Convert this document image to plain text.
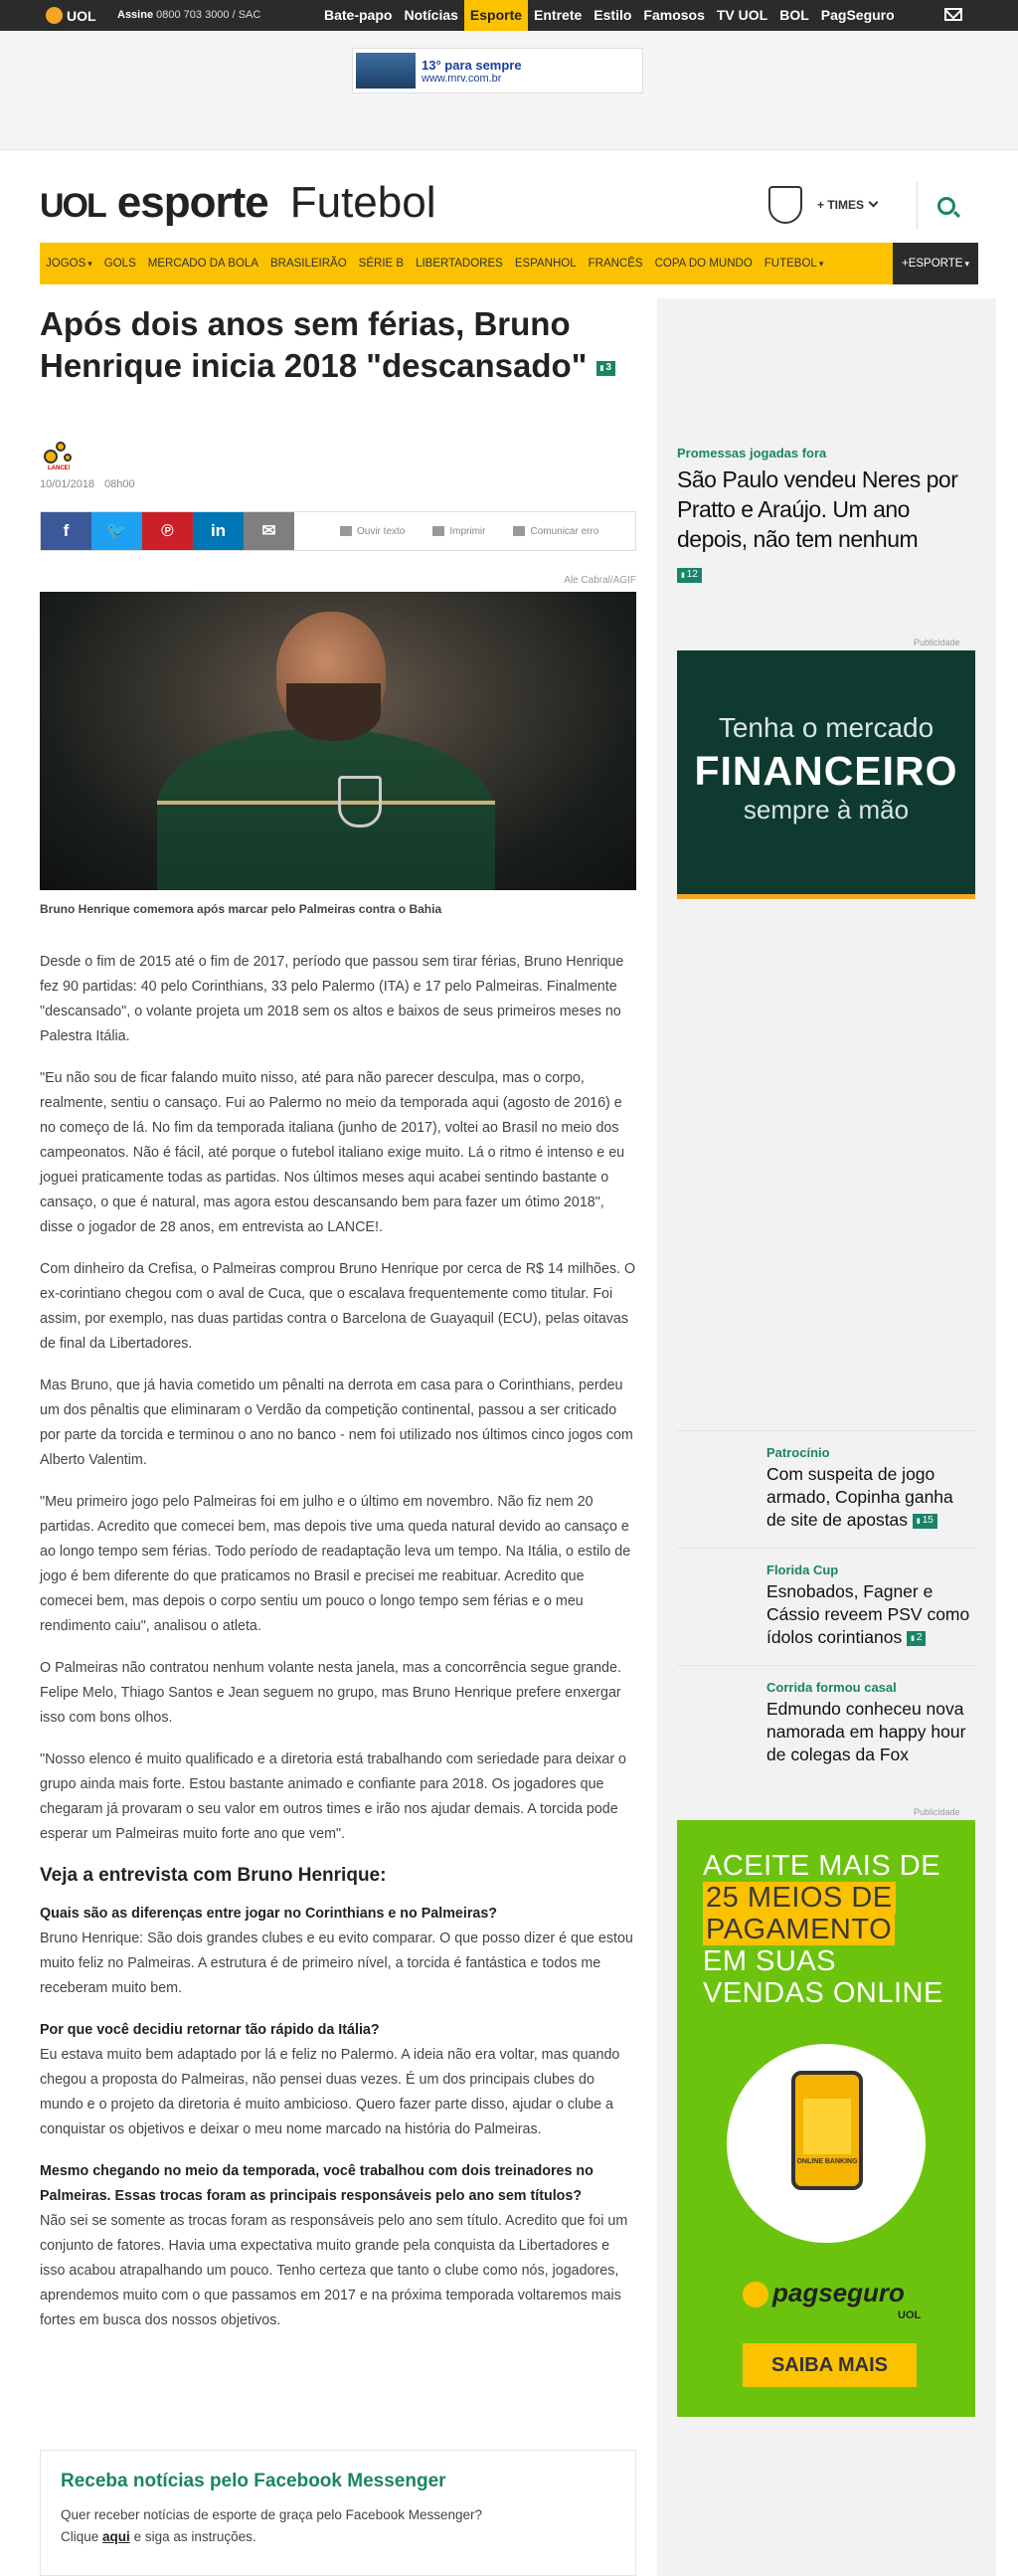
UOL Assine 0800 703 3000 / SAC	Bate-papo Notícias Esporte Entrete Estilo Famosos TV UOL BOL PagSeguro
13° para sempre
www.mrv.com.br
UOL esporte Futebol	+ TIMES
JOGOS ▾	GOLS	MERCADO DA BOLA	BRASILEIRÃO	SÉRIE B	LIBERTADORES	ESPANHOL	FRANCÊS	COPA DO MUNDO	FUTEBOL ▾	+ESPORTE ▾
Após dois anos sem férias, Bruno Henrique inicia 2018 "descansado" ▮ 3
LANCE!
10/01/2018 08h00
f 🐦 ℗ in ✉	Ouvir texto	Imprimir	Comunicar erro
Ale Cabral/AGIF
Bruno Henrique comemora após marcar pelo Palmeiras contra o Bahia

Desde o fim de 2015 até o fim de 2017, período que passou sem tirar férias, Bruno Henrique fez 90 partidas: 40 pelo Corinthians, 33 pelo Palermo (ITA) e 17 pelo Palmeiras. Finalmente "descansado", o volante projeta um 2018 sem os altos e baixos de seus primeiros meses no Palestra Itália.

"Eu não sou de ficar falando muito nisso, até para não parecer desculpa, mas o corpo, realmente, sentiu o cansaço. Fui ao Palermo no meio da temporada aqui (agosto de 2016) e no começo de lá. No fim da temporada italiana (junho de 2017), voltei ao Brasil no meio dos campeonatos. Não é fácil, até porque o futebol italiano exige muito. Lá o ritmo é intenso e eu joguei praticamente todas as partidas. Nos últimos meses aqui acabei sentindo bastante o cansaço, o que é natural, mas agora estou descansando bem para fazer um ótimo 2018", disse o jogador de 28 anos, em entrevista ao LANCE!.

Com dinheiro da Crefisa, o Palmeiras comprou Bruno Henrique por cerca de R$ 14 milhões. O ex-corintiano chegou com o aval de Cuca, que o escalava frequentemente como titular. Foi assim, por exemplo, nas duas partidas contra o Barcelona de Guayaquil (ECU), pelas oitavas de final da Libertadores.

Mas Bruno, que já havia cometido um pênalti na derrota em casa para o Corinthians, perdeu um dos pênaltis que eliminaram o Verdão da competição continental, passou a ser criticado por parte da torcida e terminou o ano no banco - nem foi utilizado nos últimos cinco jogos com Alberto Valentim.

"Meu primeiro jogo pelo Palmeiras foi em julho e o último em novembro. Não fiz nem 20 partidas. Acredito que comecei bem, mas depois tive uma queda natural devido ao cansaço e ao longo tempo sem férias. Todo período de readaptação leva um tempo. Na Itália, o estilo de jogo é bem diferente do que praticamos no Brasil e precisei me reabituar. Acredito que comecei bem, mas depois o corpo sentiu um pouco o longo tempo sem férias e o meu rendimento caiu", analisou o atleta.

O Palmeiras não contratou nenhum volante nesta janela, mas a concorrência segue grande. Felipe Melo, Thiago Santos e Jean seguem no grupo, mas Bruno Henrique prefere enxergar isso com bons olhos.

"Nosso elenco é muito qualificado e a diretoria está trabalhando com seriedade para deixar o grupo ainda mais forte. Estou bastante animado e confiante para 2018. Os jogadores que chegaram já provaram o seu valor em outros times e irão nos ajudar demais. A torcida pode esperar um Palmeiras muito forte ano que vem".

Veja a entrevista com Bruno Henrique:

Quais são as diferenças entre jogar no Corinthians e no Palmeiras?
Bruno Henrique: São dois grandes clubes e eu evito comparar. O que posso dizer é que estou muito feliz no Palmeiras. A estrutura é de primeiro nível, a torcida é fantástica e todos me receberam muito bem.

Por que você decidiu retornar tão rápido da Itália?
Eu estava muito bem adaptado por lá e feliz no Palermo. A ideia não era voltar, mas quando chegou a proposta do Palmeiras, não pensei duas vezes. É um dos principais clubes do mundo e o projeto da diretoria é muito ambicioso. Quero fazer parte disso, ajudar o clube a conquistar os objetivos e deixar o meu nome marcado na história do Palmeiras.

Mesmo chegando no meio da temporada, você trabalhou com dois treinadores no Palmeiras. Essas trocas foram as principais responsáveis pelo ano sem títulos?
Não sei se somente as trocas foram as responsáveis pelo ano sem título. Acredito que foi um conjunto de fatores. Havia uma expectativa muito grande pela conquista da Libertadores e isso acabou atrapalhando um pouco. Tenho certeza que tanto o clube como nós, jogadores, aprendemos muito com o que passamos em 2017 e na próxima temporada voltaremos mais fortes em busca dos nossos objetivos.

Receba notícias pelo Facebook Messenger
Quer receber notícias de esporte de graça pelo Facebook Messenger?
Clique aqui e siga as instruções.
Promessas jogadas fora
São Paulo vendeu Neres por Pratto e Araújo. Um ano depois, não tem nenhum
▮ 12
Publicidade
Tenha o mercado
FINANCEIRO
sempre à mão
Patrocínio
Com suspeita de jogo armado, Copinha ganha de site de apostas ▮ 15
Florida Cup
Esnobados, Fagner e Cássio reveem PSV como ídolos corintianos ▮ 2
Corrida formou casal
Edmundo conheceu nova namorada em happy hour de colegas da Fox
Publicidade
ACEITE MAIS DE
25 MEIOS DE
PAGAMENTO
EM SUAS
VENDAS ONLINE
ONLINE BANKING
pagseguro
UOL
SAIBA MAIS
